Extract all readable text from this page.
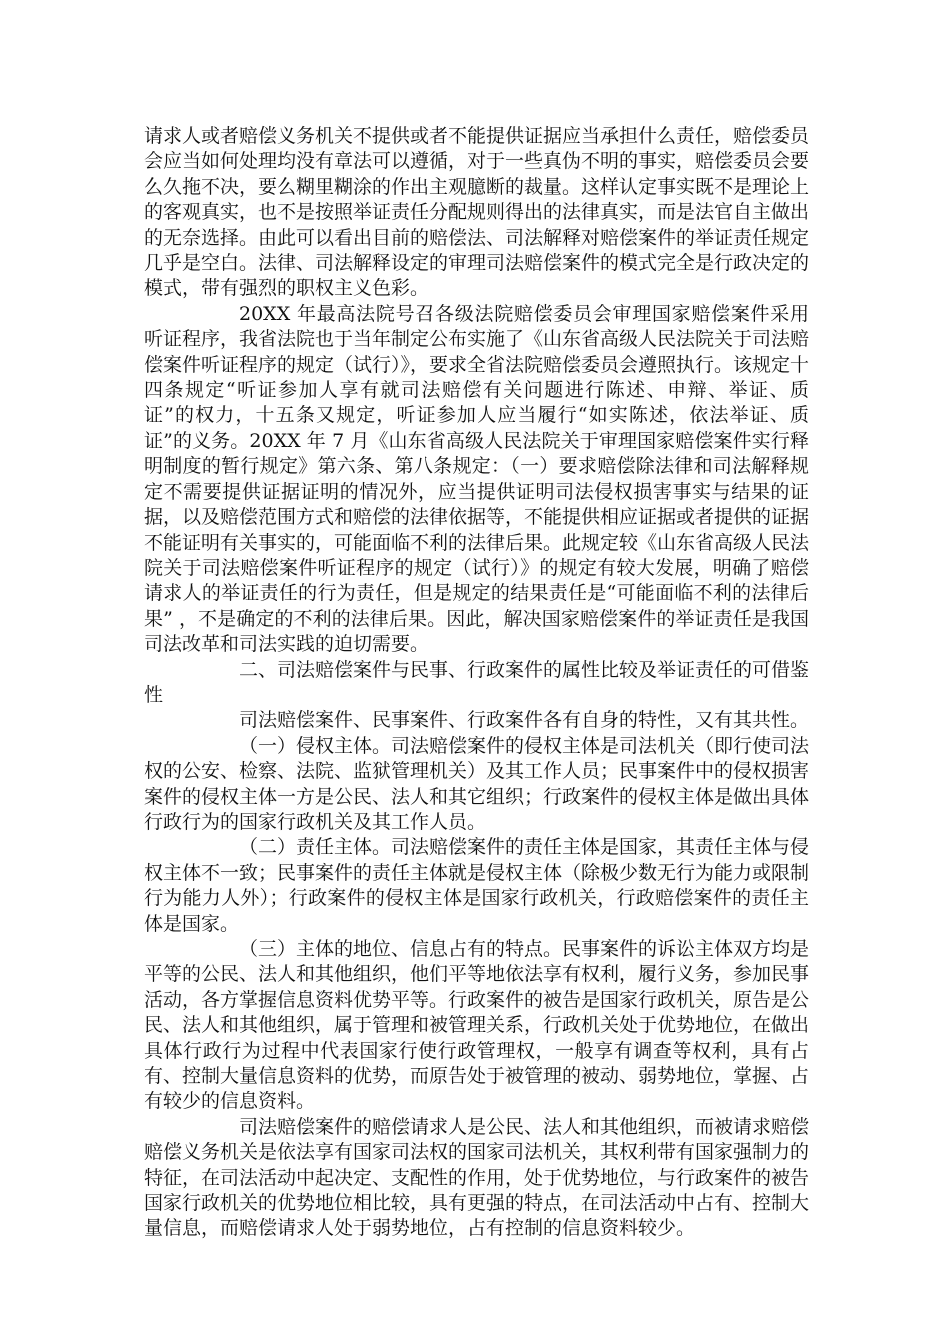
请求人或者赔偿义务机关不提供或者不能提供证据应当承担什么责任，赔偿委员会应当如何处理均没有章法可以遵循，对于一些真伪不明的事实，赔偿委员会要么久拖不决，要么糊里糊涂的作出主观臆断的裁量。这样认定事实既不是理论上的客观真实，也不是按照举证责任分配规则得出的法律真实，而是法官自主做出的无奈选择。由此可以看出目前的赔偿法、司法解释对赔偿案件的举证责任规定几乎是空白。法律、司法解释设定的审理司法赔偿案件的模式完全是行政决定的模式，带有强烈的职权主义色彩。

20XX 年最高法院号召各级法院赔偿委员会审理国家赔偿案件采用听证程序，我省法院也于当年制定公布实施了《山东省高级人民法院关于司法赔偿案件听证程序的规定（试行）》，要求全省法院赔偿委员会遵照执行。该规定十四条规定“听证参加人享有就司法赔偿有关问题进行陈述、申辩、举证、质证”的权力，十五条又规定，听证参加人应当履行“如实陈述，依法举证、质证”的义务。20XX 年 7 月《山东省高级人民法院关于审理国家赔偿案件实行释明制度的暂行规定》第六条、第八条规定：（一）要求赔偿除法律和司法解释规定不需要提供证据证明的情况外，应当提供证明司法侵权损害事实与结果的证据，以及赔偿范围方式和赔偿的法律依据等，不能提供相应证据或者提供的证据不能证明有关事实的，可能面临不利的法律后果。此规定较《山东省高级人民法院关于司法赔偿案件听证程序的规定（试行）》的规定有较大发展，明确了赔偿请求人的举证责任的行为责任，但是规定的结果责任是“可能面临不利的法律后果” ，不是确定的不利的法律后果。因此，解决国家赔偿案件的举证责任是我国司法改革和司法实践的迫切需要。

二、司法赔偿案件与民事、行政案件的属性比较及举证责任的可借鉴性

司法赔偿案件、民事案件、行政案件各有自身的特性，又有其共性。

（一）侵权主体。司法赔偿案件的侵权主体是司法机关（即行使司法权的公安、检察、法院、监狱管理机关）及其工作人员；民事案件中的侵权损害案件的侵权主体一方是公民、法人和其它组织；行政案件的侵权主体是做出具体行政行为的国家行政机关及其工作人员。

（二）责任主体。司法赔偿案件的责任主体是国家，其责任主体与侵权主体不一致；民事案件的责任主体就是侵权主体（除极少数无行为能力或限制行为能力人外）；行政案件的侵权主体是国家行政机关，行政赔偿案件的责任主体是国家。

（三）主体的地位、信息占有的特点。民事案件的诉讼主体双方均是平等的公民、法人和其他组织，他们平等地依法享有权利，履行义务，参加民事活动，各方掌握信息资料优势平等。行政案件的被告是国家行政机关，原告是公民、法人和其他组织，属于管理和被管理关系，行政机关处于优势地位，在做出具体行政行为过程中代表国家行使行政管理权，一般享有调查等权利，具有占有、控制大量信息资料的优势，而原告处于被管理的被动、弱势地位，掌握、占有较少的信息资料。

司法赔偿案件的赔偿请求人是公民、法人和其他组织，而被请求赔偿赔偿义务机关是依法享有国家司法权的国家司法机关，其权利带有国家强制力的特征，在司法活动中起决定、支配性的作用，处于优势地位，与行政案件的被告国家行政机关的优势地位相比较，具有更强的特点，在司法活动中占有、控制大量信息，而赔偿请求人处于弱势地位，占有控制的信息资料较少。
